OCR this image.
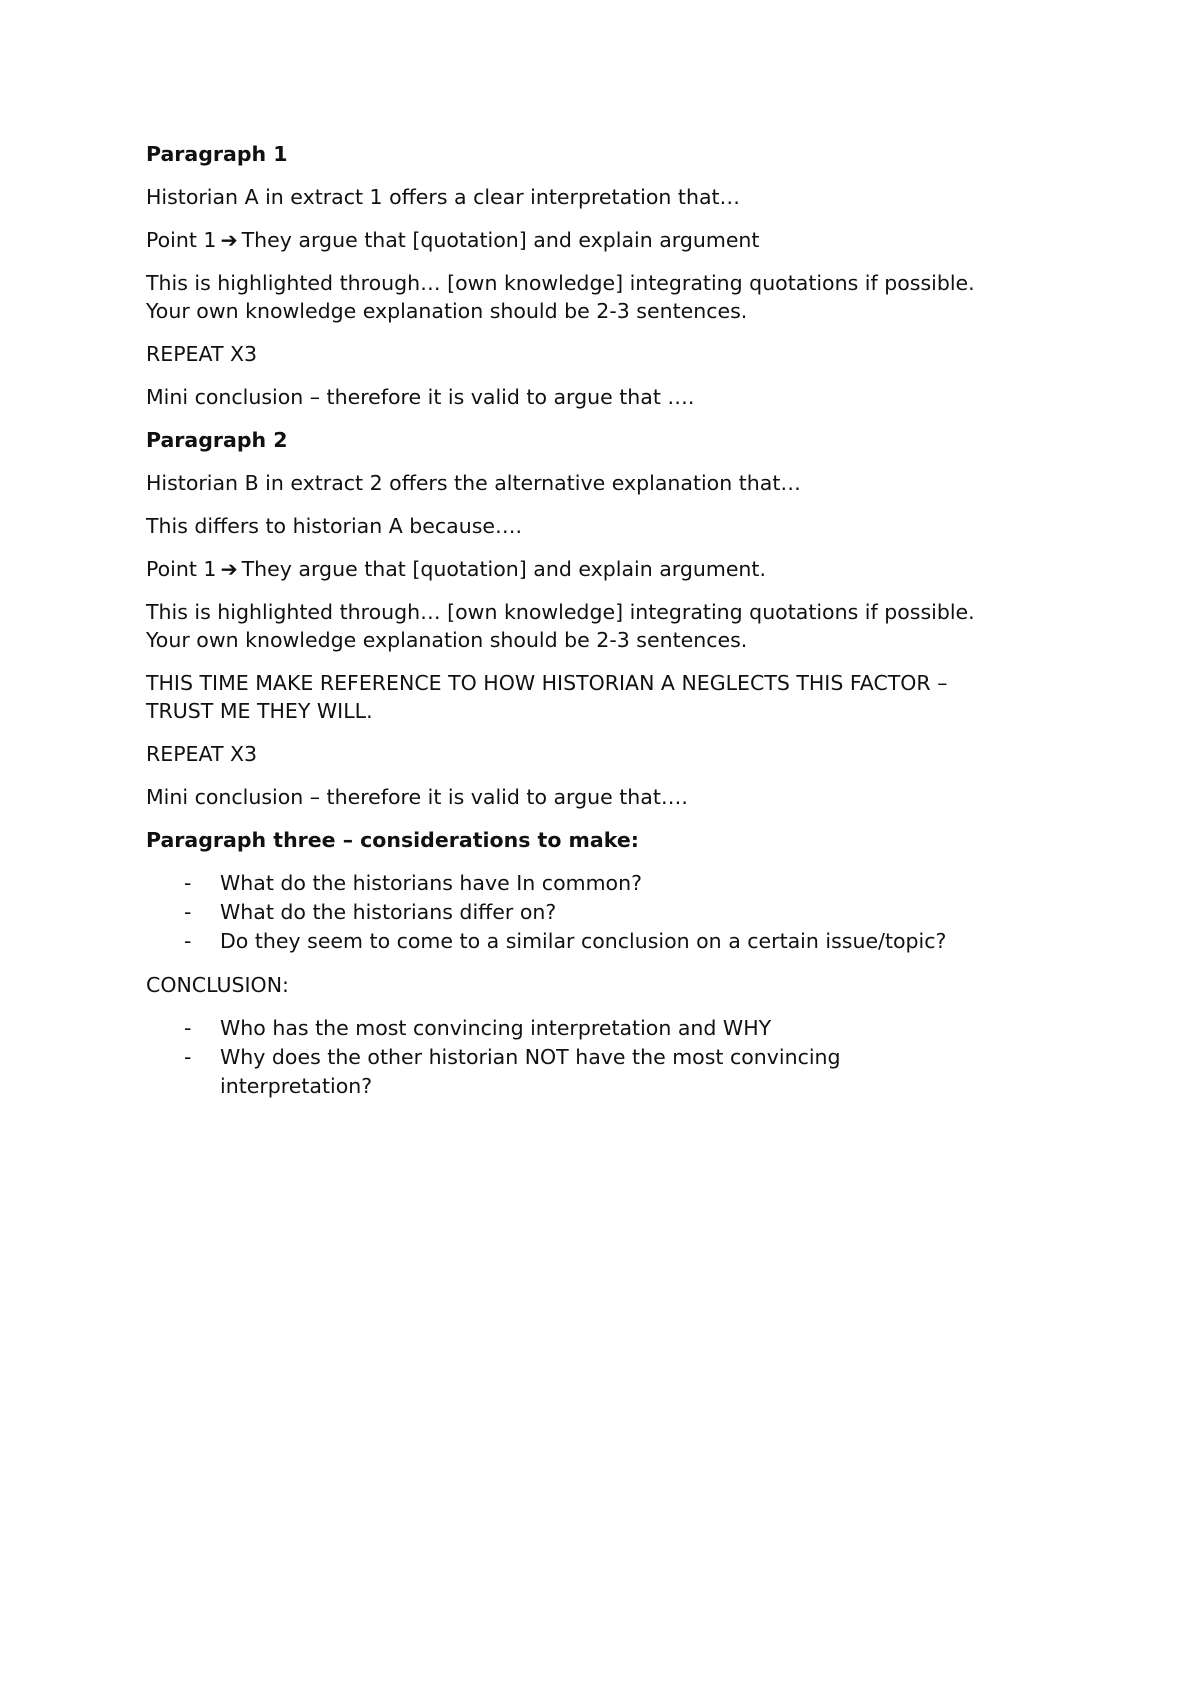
Paragraph 1

Historian A in extract 1 offers a clear interpretation that…

Point 1 ➔ They argue that [quotation] and explain argument

This is highlighted through… [own knowledge] integrating quotations if possible.
Your own knowledge explanation should be 2-3 sentences.

REPEAT X3

Mini conclusion – therefore it is valid to argue that ….

Paragraph 2

Historian B in extract 2 offers the alternative explanation that…

This differs to historian A because….

Point 1 ➔ They argue that [quotation] and explain argument.

This is highlighted through… [own knowledge] integrating quotations if possible.
Your own knowledge explanation should be 2-3 sentences.

THIS TIME MAKE REFERENCE TO HOW HISTORIAN A NEGLECTS THIS FACTOR –
TRUST ME THEY WILL.

REPEAT X3

Mini conclusion – therefore it is valid to argue that….

Paragraph three – considerations to make:

- What do the historians have In common?
- What do the historians differ on?
- Do they seem to come to a similar conclusion on a certain issue/topic?

CONCLUSION:

- Who has the most convincing interpretation and WHY
- Why does the other historian NOT have the most convincing
interpretation?
